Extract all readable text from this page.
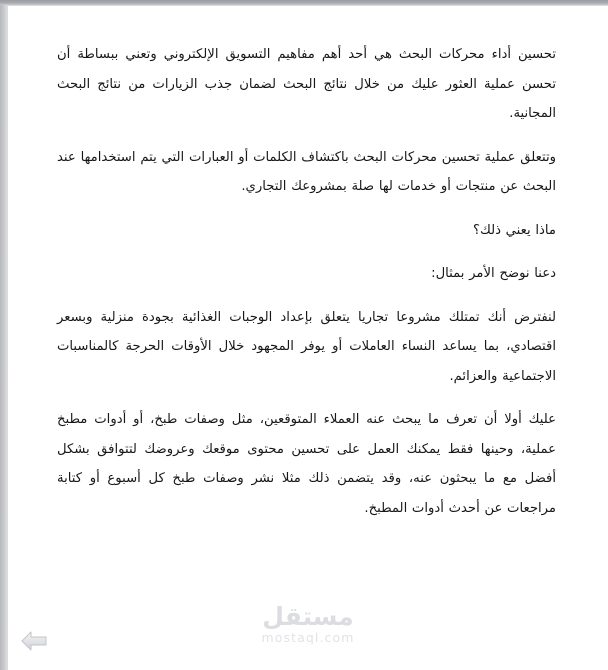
تحسين أداء محركات البحث هي أحد أهم مفاهيم التسويق الإلكتروني وتعني ببساطة أن تحسن عملية العثور عليك من خلال نتائج البحث لضمان جذب الزيارات من نتائج البحث المجانية.

وتتعلق عملية تحسين محركات البحث باكتشاف الكلمات أو العبارات التي يتم استخدامها عند البحث عن منتجات أو خدمات لها صلة بمشروعك التجاري.

ماذا يعني ذلك؟

دعنا نوضح الأمر بمثال:

لنفترض أنك تمتلك مشروعا تجاريا يتعلق بإعداد الوجبات الغذائية بجودة منزلية وبسعر اقتصادي، بما يساعد النساء العاملات أو يوفر المجهود خلال الأوقات الحرجة كالمناسبات الاجتماعية والعزائم.

عليك أولا أن تعرف ما يبحث عنه العملاء المتوقعين، مثل وصفات طبخ، أو أدوات مطبخ عملية، وحينها فقط يمكنك العمل على تحسين محتوى موقعك وعروضك لتتوافق بشكل أفضل مع ما يبحثون عنه، وقد يتضمن ذلك مثلا نشر وصفات طبخ كل أسبوع أو كتابة مراجعات عن أحدث أدوات المطبخ.

مستقل
mostaql.com
